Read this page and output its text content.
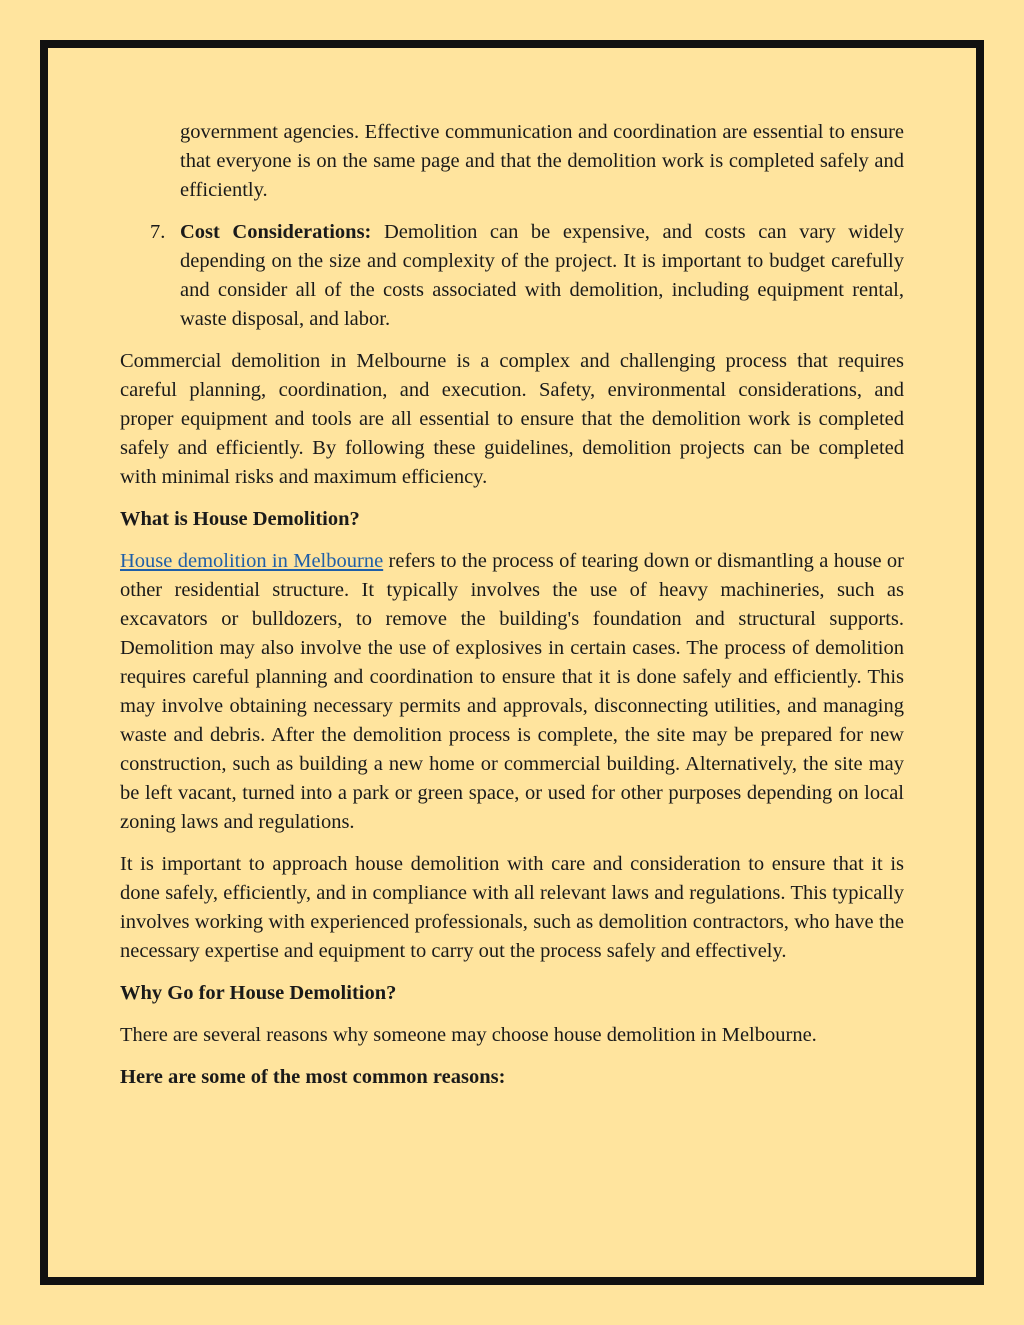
government agencies. Effective communication and coordination are essential to ensure that everyone is on the same page and that the demolition work is completed safely and efficiently.

7. Cost Considerations: Demolition can be expensive, and costs can vary widely depending on the size and complexity of the project. It is important to budget carefully and consider all of the costs associated with demolition, including equipment rental, waste disposal, and labor.

Commercial demolition in Melbourne is a complex and challenging process that requires careful planning, coordination, and execution. Safety, environmental considerations, and proper equipment and tools are all essential to ensure that the demolition work is completed safely and efficiently. By following these guidelines, demolition projects can be completed with minimal risks and maximum efficiency.

What is House Demolition?

House demolition in Melbourne refers to the process of tearing down or dismantling a house or other residential structure. It typically involves the use of heavy machineries, such as excavators or bulldozers, to remove the building's foundation and structural supports. Demolition may also involve the use of explosives in certain cases. The process of demolition requires careful planning and coordination to ensure that it is done safely and efficiently. This may involve obtaining necessary permits and approvals, disconnecting utilities, and managing waste and debris. After the demolition process is complete, the site may be prepared for new construction, such as building a new home or commercial building. Alternatively, the site may be left vacant, turned into a park or green space, or used for other purposes depending on local zoning laws and regulations.

It is important to approach house demolition with care and consideration to ensure that it is done safely, efficiently, and in compliance with all relevant laws and regulations. This typically involves working with experienced professionals, such as demolition contractors, who have the necessary expertise and equipment to carry out the process safely and effectively.

Why Go for House Demolition?

There are several reasons why someone may choose house demolition in Melbourne.

Here are some of the most common reasons:
